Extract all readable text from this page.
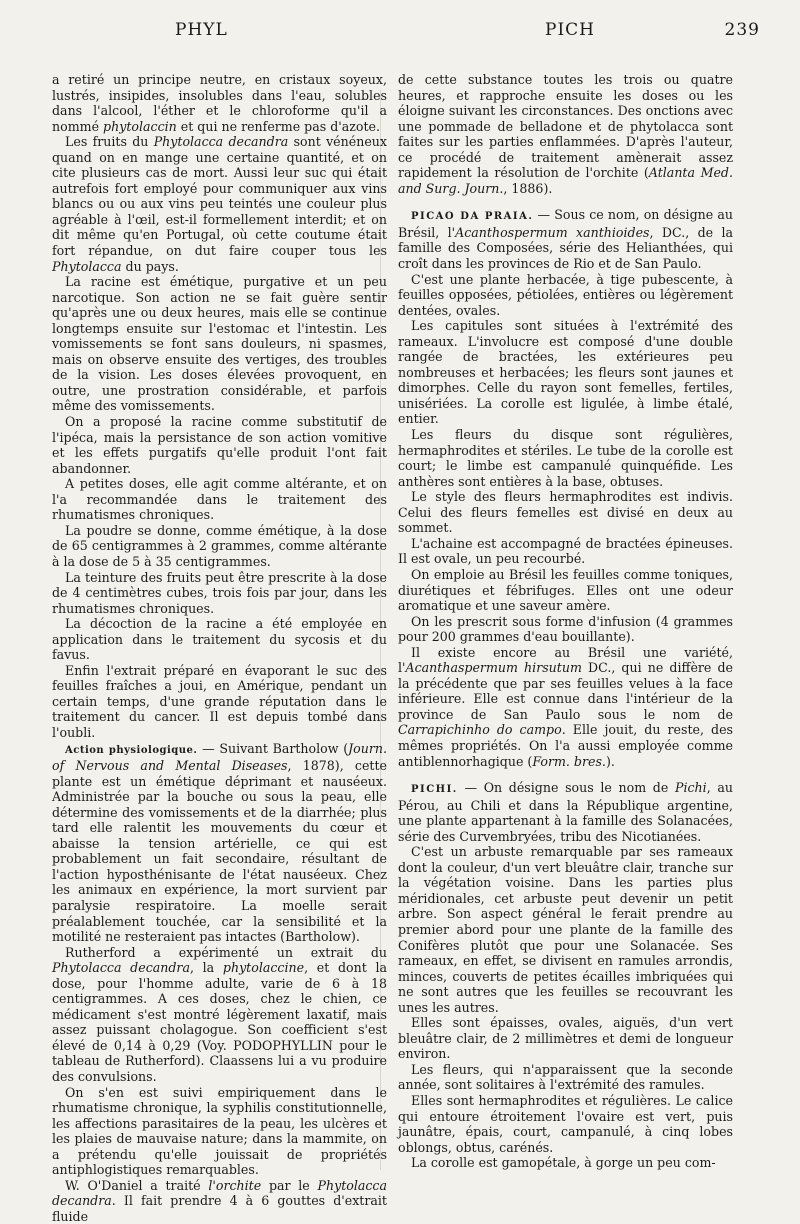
PHYL	PICH	239

a retiré un principe neutre, en cristaux soyeux, lustrés, insipides, insolubles dans l'eau, solubles dans l'alcool, l'éther et le chloroforme qu'il a nommé phytolaccin et qui ne renferme pas d'azote.

Les fruits du Phytolacca decandra sont vénéneux quand on en mange une certaine quantité, et on cite plusieurs cas de mort. Aussi leur suc qui était autrefois fort employé pour communiquer aux vins blancs ou ou aux vins peu teintés une couleur plus agréable à l'œil, est-il formellement interdit; et on dit même qu'en Portugal, où cette coutume était fort répandue, on dut faire couper tous les Phytolacca du pays.

La racine est émétique, purgative et un peu narcotique. Son action ne se fait guère sentir qu'après une ou deux heures, mais elle se continue longtemps ensuite sur l'estomac et l'intestin. Les vomissements se font sans douleurs, ni spasmes, mais on observe ensuite des vertiges, des troubles de la vision. Les doses élevées provoquent, en outre, une prostration considérable, et parfois même des vomissements.

On a proposé la racine comme substitutif de l'ipéca, mais la persistance de son action vomitive et les effets purgatifs qu'elle produit l'ont fait abandonner.

A petites doses, elle agit comme altérante, et on l'a recommandée dans le traitement des rhumatismes chroniques.

La poudre se donne, comme émétique, à la dose de 65 centigrammes à 2 grammes, comme altérante à la dose de 5 à 35 centigrammes.

La teinture des fruits peut être prescrite à la dose de 4 centimètres cubes, trois fois par jour, dans les rhumatismes chroniques.

La décoction de la racine a été employée en application dans le traitement du sycosis et du favus.

Enfin l'extrait préparé en évaporant le suc des feuilles fraîches a joui, en Amérique, pendant un certain temps, d'une grande réputation dans le traitement du cancer. Il est depuis tombé dans l'oubli.

Action physiologique. — Suivant Bartholow (Journ. of Nervous and Mental Diseases, 1878), cette plante est un émétique déprimant et nauséeux. Administrée par la bouche ou sous la peau, elle détermine des vomissements et de la diarrhée; plus tard elle ralentit les mouvements du cœur et abaisse la tension artérielle, ce qui est probablement un fait secondaire, résultant de l'action hyposthénisante de l'état nauséeux. Chez les animaux en expérience, la mort survient par paralysie respiratoire. La moelle serait préalablement touchée, car la sensibilité et la motilité ne resteraient pas intactes (Bartholow).

Rutherford a expérimenté un extrait du Phytolacca decandra, la phytolaccine, et dont la dose, pour l'homme adulte, varie de 6 à 18 centigrammes. A ces doses, chez le chien, ce médicament s'est montré légèrement laxatif, mais assez puissant cholagogue. Son coefficient s'est élevé de 0,14 à 0,29 (Voy. PODOPHYLLIN pour le tableau de Rutherford). Claassens lui a vu produire des convulsions.

On s'en est suivi empiriquement dans le rhumatisme chronique, la syphilis constitutionnelle, les affections parasitaires de la peau, les ulcères et les plaies de mauvaise nature; dans la mammite, on a prétendu qu'elle jouissait de propriétés antiphlogistiques remarquables.

W. O'Daniel a traité l'orchite par le Phytolacca decandra. Il fait prendre 4 à 6 gouttes d'extrait fluide

de cette substance toutes les trois ou quatre heures, et rapproche ensuite les doses ou les éloigne suivant les circonstances. Des onctions avec une pommade de belladone et de phytolacca sont faites sur les parties enflammées. D'après l'auteur, ce procédé de traitement amènerait assez rapidement la résolution de l'orchite (Atlanta Med. and Surg. Journ., 1886).

PICAO DA PRAIA. — Sous ce nom, on désigne au Brésil, l'Acanthospermum xanthioides, DC., de la famille des Composées, série des Helianthées, qui croît dans les provinces de Rio et de San Paulo.

C'est une plante herbacée, à tige pubescente, à feuilles opposées, pétiolées, entières ou légèrement dentées, ovales.

Les capitules sont situées à l'extrémité des rameaux. L'involucre est composé d'une double rangée de bractées, les extérieures peu nombreuses et herbacées; les fleurs sont jaunes et dimorphes. Celle du rayon sont femelles, fertiles, unisériées. La corolle est ligulée, à limbe étalé, entier.

Les fleurs du disque sont régulières, hermaphrodites et stériles. Le tube de la corolle est court; le limbe est campanulé quinquéfide. Les anthères sont entières à la base, obtuses.

Le style des fleurs hermaphrodites est indivis. Celui des fleurs femelles est divisé en deux au sommet.

L'achaine est accompagné de bractées épineuses. Il est ovale, un peu recourbé.

On emploie au Brésil les feuilles comme toniques, diurétiques et fébrifuges. Elles ont une odeur aromatique et une saveur amère.

On les prescrit sous forme d'infusion (4 grammes pour 200 grammes d'eau bouillante).

Il existe encore au Brésil une variété, l'Acanthaspermum hirsutum DC., qui ne diffère de la précédente que par ses feuilles velues à la face inférieure. Elle est connue dans l'intérieur de la province de San Paulo sous le nom de Carrapichinho do campo. Elle jouit, du reste, des mêmes propriétés. On l'a aussi employée comme antiblennorhagique (Form. bres.).

PICHI. — On désigne sous le nom de Pichi, au Pérou, au Chili et dans la République argentine, une plante appartenant à la famille des Solanacées, série des Curvembryées, tribu des Nicotianées.

C'est un arbuste remarquable par ses rameaux dont la couleur, d'un vert bleuâtre clair, tranche sur la végétation voisine. Dans les parties plus méridionales, cet arbuste peut devenir un petit arbre. Son aspect général le ferait prendre au premier abord pour une plante de la famille des Conifères plutôt que pour une Solanacée. Ses rameaux, en effet, se divisent en ramules arrondis, minces, couverts de petites écailles imbriquées qui ne sont autres que les feuilles se recouvrant les unes les autres.

Elles sont épaisses, ovales, aiguës, d'un vert bleuâtre clair, de 2 millimètres et demi de longueur environ.

Les fleurs, qui n'apparaissent que la seconde année, sont solitaires à l'extrémité des ramules.

Elles sont hermaphrodites et régulières. Le calice qui entoure étroitement l'ovaire est vert, puis jaunâtre, épais, court, campanulé, à cinq lobes oblongs, obtus, carénés.

La corolle est gamopétale, à gorge un peu com-
